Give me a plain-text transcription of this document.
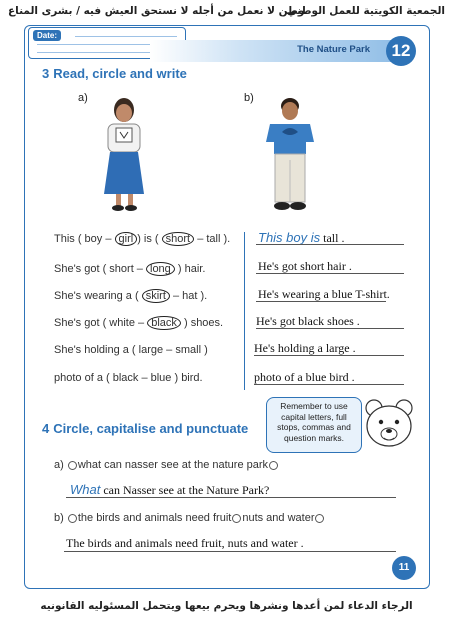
الجمعية الكويتية للعمل الوطني
وطن لا نعمل من أجله لا نستحق العيش فيه / بشرى المناع
Date:
The Nature Park	12
3 Read, circle and write
a)	b)
This ( boy – girl ) is ( short – tall ).
She's got ( short – long ) hair.
She's wearing a ( skirt – hat ).
She's got ( white – black ) shoes.
She's holding a ( large – small )
photo of a ( black – blue ) bird.
This boy is tall .
He's got short hair .
He's wearing a blue T-shirt.
He's got black shoes .
He's holding a large .
photo of a blue bird .
4 Circle, capitalise and punctuate
Remember to use capital letters, full stops, commas and question marks.
a) ○what can nasser see at the nature park
What can Nasser see at the Nature Park?
b) ○the birds and animals need fruit○nuts and water
The birds and animals need fruit, nuts and water .
11
الرجاء الدعاء لمن أعدها ونشرها ويحرم بيعها ويتحمل المسئوليه القانونيه
